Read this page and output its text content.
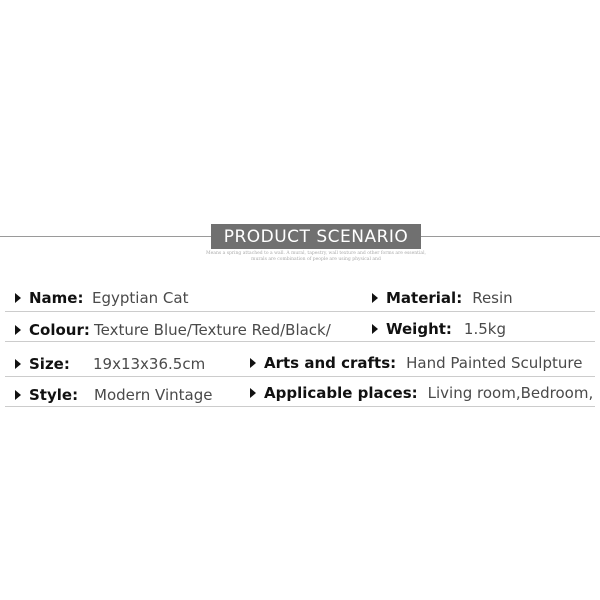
PRODUCT SCENARIO
Means a spring attached to a wall. A mural, tapestry, wall texture and other forms are essential,
murals are combination of people are using physical and
Name: Egyptian Cat	Material: Resin
Colour: Texture Blue/Texture Red/Black/	Weight: 1.5kg
Size: 19x13x36.5cm	Arts and crafts: Hand Painted Sculpture
Style: Modern Vintage	Applicable places: Living room,Bedroom,
